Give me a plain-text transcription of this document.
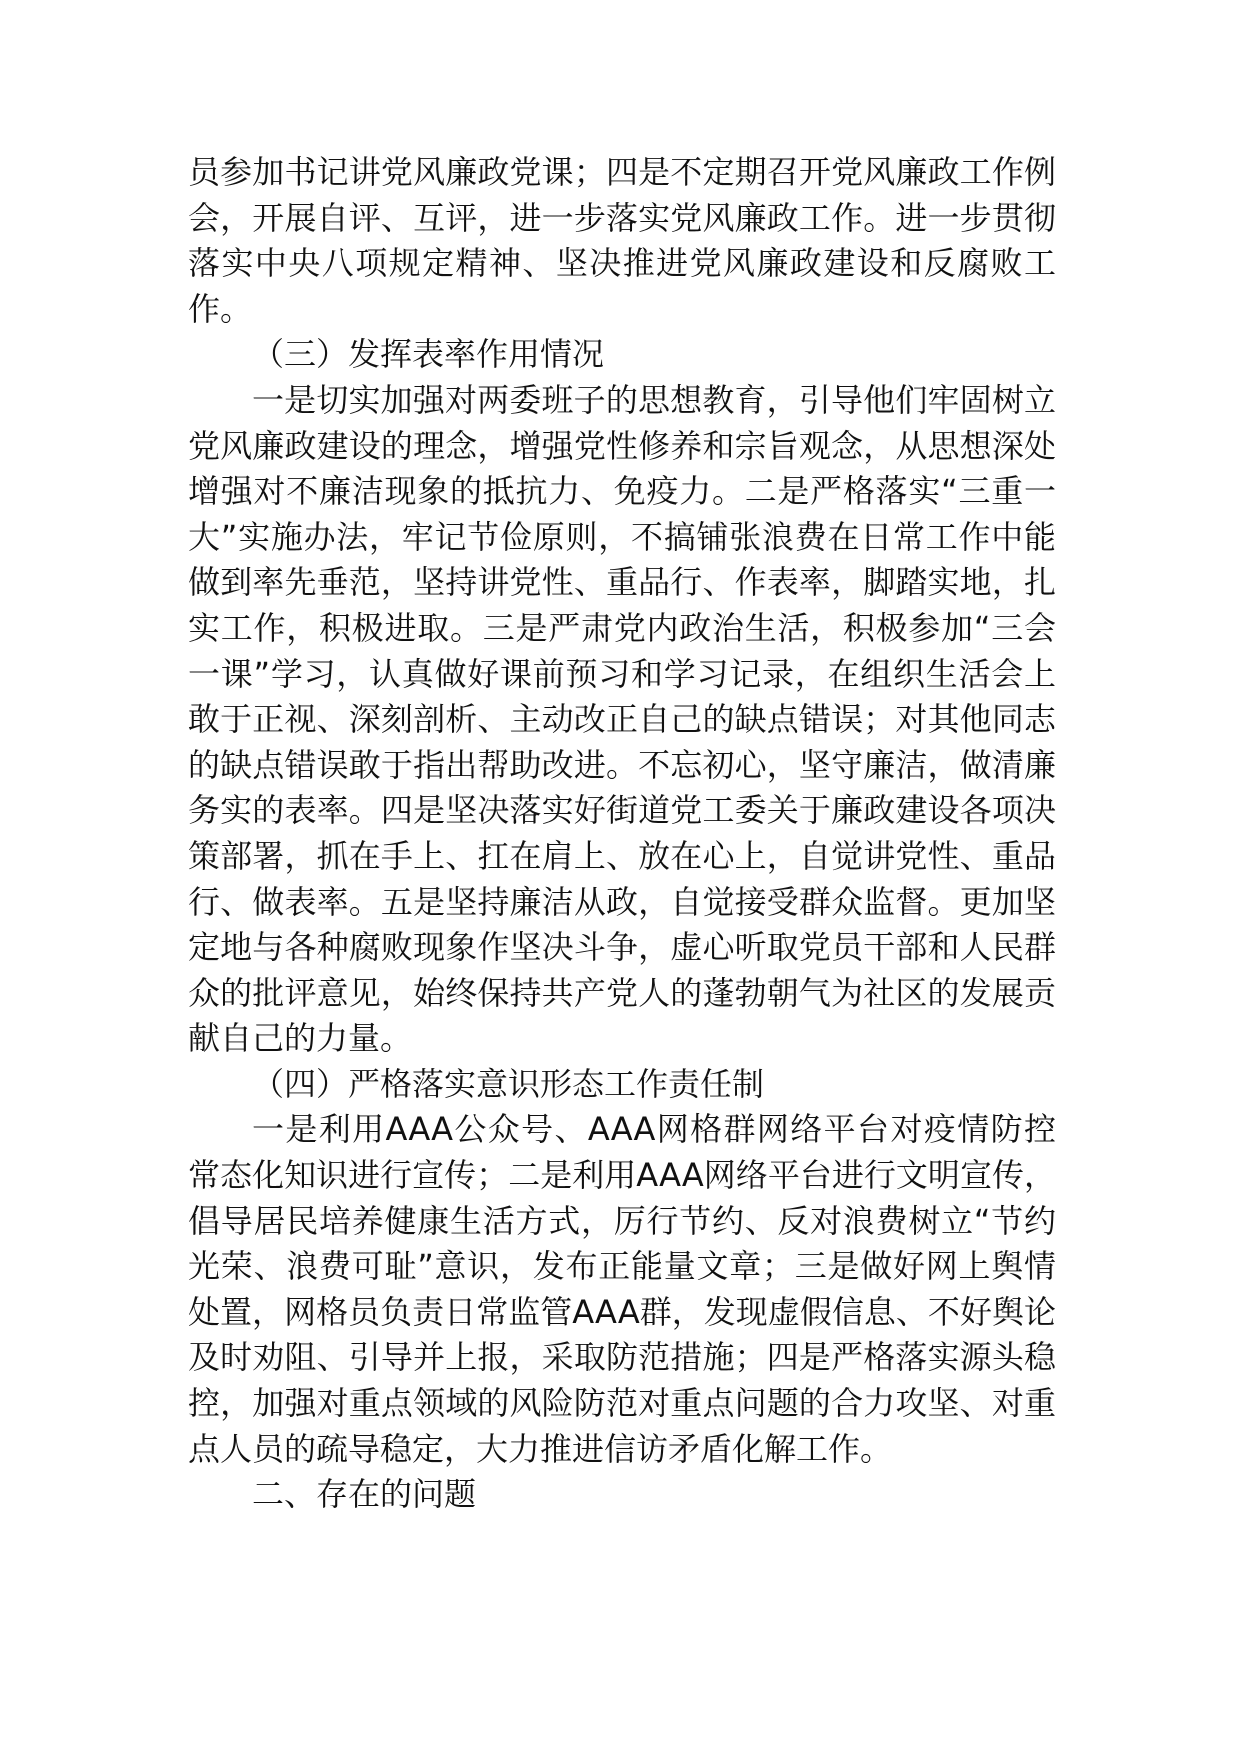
员参加书记讲党风廉政党课；四是不定期召开党风廉政工作例会，开展自评、互评，进一步落实党风廉政工作。进一步贯彻落实中央八项规定精神、坚决推进党风廉政建设和反腐败工作。

（三）发挥表率作用情况

一是切实加强对两委班子的思想教育，引导他们牢固树立党风廉政建设的理念，增强党性修养和宗旨观念，从思想深处增强对不廉洁现象的抵抗力、免疫力。二是严格落实“三重一大”实施办法，牢记节俭原则，不搞铺张浪费在日常工作中能做到率先垂范，坚持讲党性、重品行、作表率，脚踏实地，扎实工作，积极进取。三是严肃党内政治生活，积极参加“三会一课”学习，认真做好课前预习和学习记录，在组织生活会上敢于正视、深刻剖析、主动改正自己的缺点错误；对其他同志的缺点错误敢于指出帮助改进。不忘初心，坚守廉洁，做清廉务实的表率。四是坚决落实好街道党工委关于廉政建设各项决策部署，抓在手上、扛在肩上、放在心上，自觉讲党性、重品行、做表率。五是坚持廉洁从政，自觉接受群众监督。更加坚定地与各种腐败现象作坚决斗争，虚心听取党员干部和人民群众的批评意见，始终保持共产党人的蓬勃朝气为社区的发展贡献自己的力量。

（四）严格落实意识形态工作责任制

一是利用AAA公众号、AAA网格群网络平台对疫情防控常态化知识进行宣传；二是利用AAA网络平台进行文明宣传，倡导居民培养健康生活方式，厉行节约、反对浪费树立“节约光荣、浪费可耻”意识，发布正能量文章；三是做好网上舆情处置，网格员负责日常监管AAA群，发现虚假信息、不好舆论及时劝阻、引导并上报，采取防范措施；四是严格落实源头稳控，加强对重点领域的风险防范对重点问题的合力攻坚、对重点人员的疏导稳定，大力推进信访矛盾化解工作。

二、存在的问题
